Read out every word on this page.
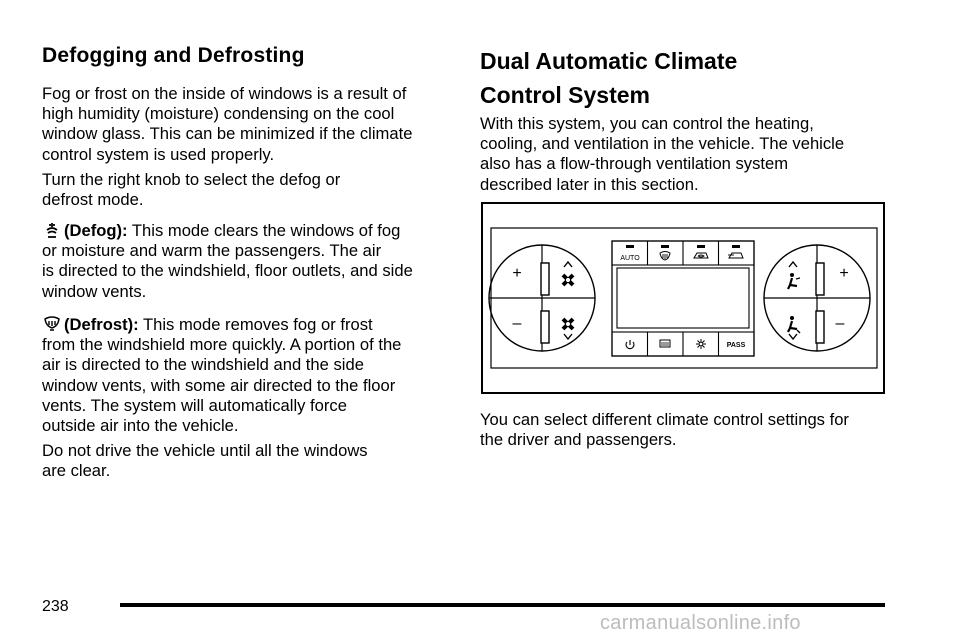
Defogging and Defrosting

Fog or frost on the inside of windows is a result of
high humidity (moisture) condensing on the cool
window glass. This can be minimized if the climate
control system is used properly.

Turn the right knob to select the defog or
defrost mode.

(Defog): This mode clears the windows of fog
or moisture and warm the passengers. The air
is directed to the windshield, floor outlets, and side
window vents.

(Defrost): This mode removes fog or frost
from the windshield more quickly. A portion of the
air is directed to the windshield and the side
window vents, with some air directed to the floor
vents. The system will automatically force
outside air into the vehicle.

Do not drive the vehicle until all the windows
are clear.

Dual Automatic Climate
Control System

With this system, you can control the heating,
cooling, and ventilation in the vehicle. The vehicle
also has a flow-through ventilation system
described later in this section.

You can select different climate control settings for
the driver and passengers.

+
–
AUTO
PASS
+
–
238
carmanualsonline.info
